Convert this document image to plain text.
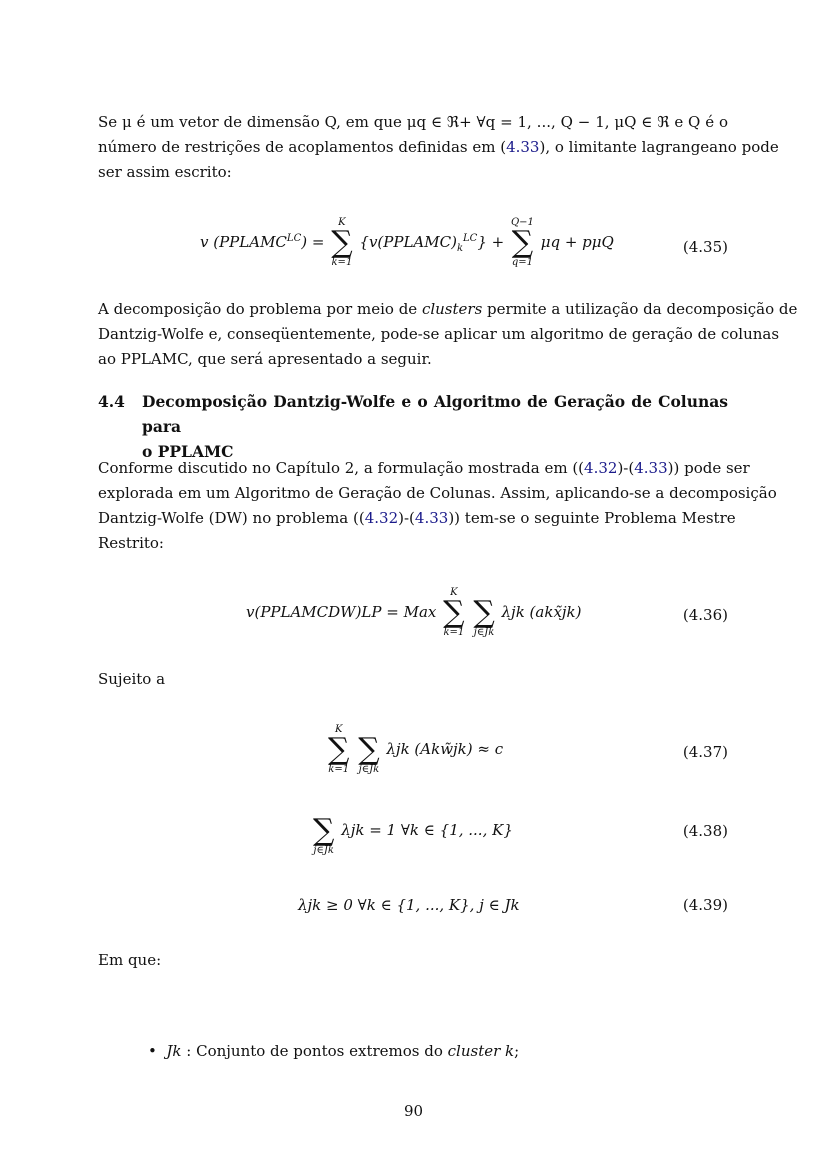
Se μ é um vetor de dimensão Q, em que μq ∈ ℜ+ ∀q = 1, ..., Q − 1, μQ ∈ ℜ e Q é o
número de restrições de acoplamentos definidas em (4.33), o limitante lagrangeano pode
ser assim escrito:
v $(PPLAMC^{LC})$ =
K
∑
k=1
$\{v(PPLAMC)_k^{LC}\}$ +
Q−1
∑
q=1
μq + pμQ	(4.35)
A decomposição do problema por meio de clusters permite a utilização da decomposição de
Dantzig-Wolfe e, conseqüentemente, pode-se aplicar um algoritmo de geração de colunas
ao PPLAMC, que será apresentado a seguir.
4.4 Decomposição Dantzig-Wolfe e o Algoritmo de Geração de Colunas para
o PPLAMC
Conforme discutido no Capítulo 2, a formulação mostrada em ((4.32)-(4.33)) pode ser
explorada em um Algoritmo de Geração de Colunas. Assim, aplicando-se a decomposição
Dantzig-Wolfe (DW) no problema ((4.32)-(4.33)) tem-se o seguinte Problema Mestre
Restrito:
v(PPLAMCDW)LP = Max
K
∑
k=1

∑
j∈Jk
λjk (akx̃jk)	(4.36)
Sujeito a
K
∑
k=1

∑
j∈Jk
λjk (Akw̃jk) ≈ c	(4.37)

∑
j∈Jk
λjk = 1 ∀k ∈ {1, ..., K}	(4.38)
λjk ≥ 0 ∀k ∈ {1, ..., K}, j ∈ Jk	(4.39)
Em que:
•  Jk : Conjunto de pontos extremos do cluster k;
90
